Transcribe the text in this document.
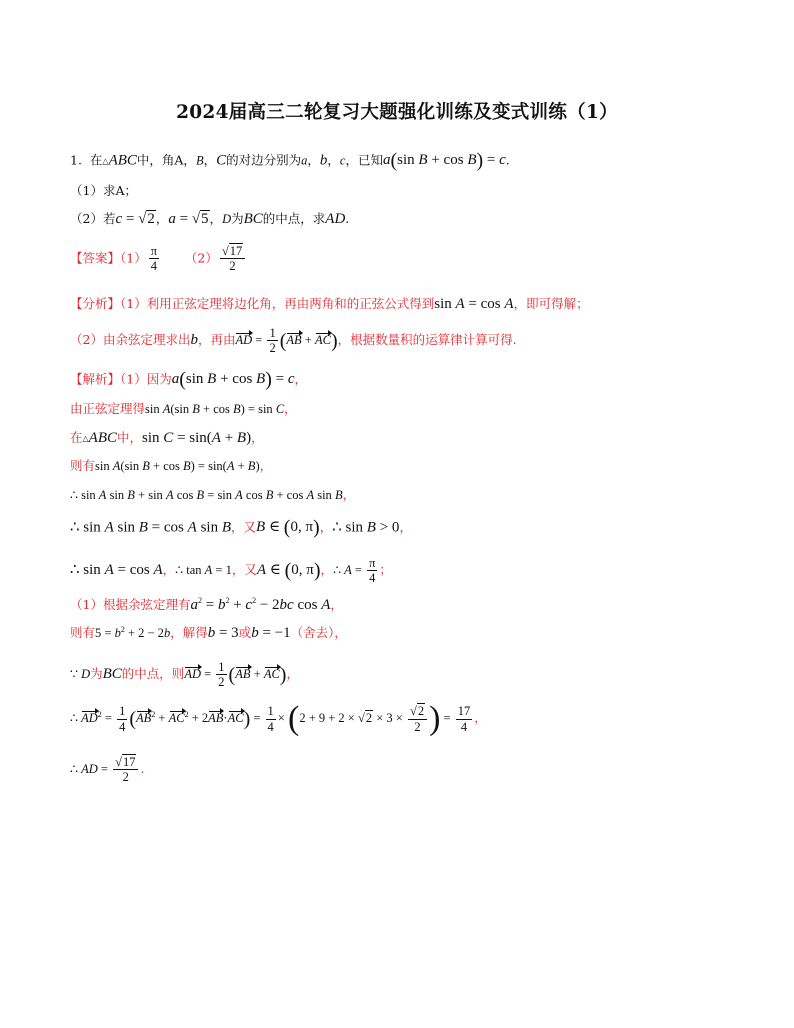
2024届高三二轮复习大题强化训练及变式训练（1）
1. 在△ABC中，角A，B，C的对边分别为a，b，c，已知a(sin B + cos B) = c.
（1）求A；
（2）若c = √2，a = √5，D为BC的中点，求AD.
【答案】$(1) \frac{\pi}{4} (2) \frac{√17}{2}$
【分析】（1）利用正弦定理将边化角，再由两角和的正弦公式得到sin A = cos A，即可得解；
（2）由余弦定理求出b，再由AD = $\frac{1}{2} (AB + AC)$，根据数量积的运算律计算可得.
【解析】（1）因为a(sin B + cos B) = c，
由正弦定理得sin A(sin B + cos B) = sin C，
在△ABC中，sin C = sin(A + B)，
则有sin A(sin B + cos B) = sin(A + B)，
∴ sin A sin B + sin A cos B = sin A cos B + cos A sin B，
∴ sin A sin B = cos A sin B，又B ∈ (0, π)，∴ sin B > 0，
∴ sin A = cos A，∴ tan A = 1，又A ∈ (0, π)，∴ $A = \frac{\pi}{4}$ ；
（1）根据余弦定理有$a^2 = b^2 + c^2 - 2bc$ cos A，
则有$5 = b^2 + 2 - 2b$，解得b = 3或b = −1（舍去），
∵ D为BC的中点，则AD = $\frac{1}{2} (AB + AC)$，
∴ $AD^2 = \frac{1}{4} (AB^2 + AC^2 + 2AB\cdot AC) = \frac{1}{4} \times (2 + 9 + 2 \times √2 \times 3 \times \frac{√2}{2}$ ) = $\frac{17}{4}$ ，
∴ AD = $\frac{√17}{2}$ .
